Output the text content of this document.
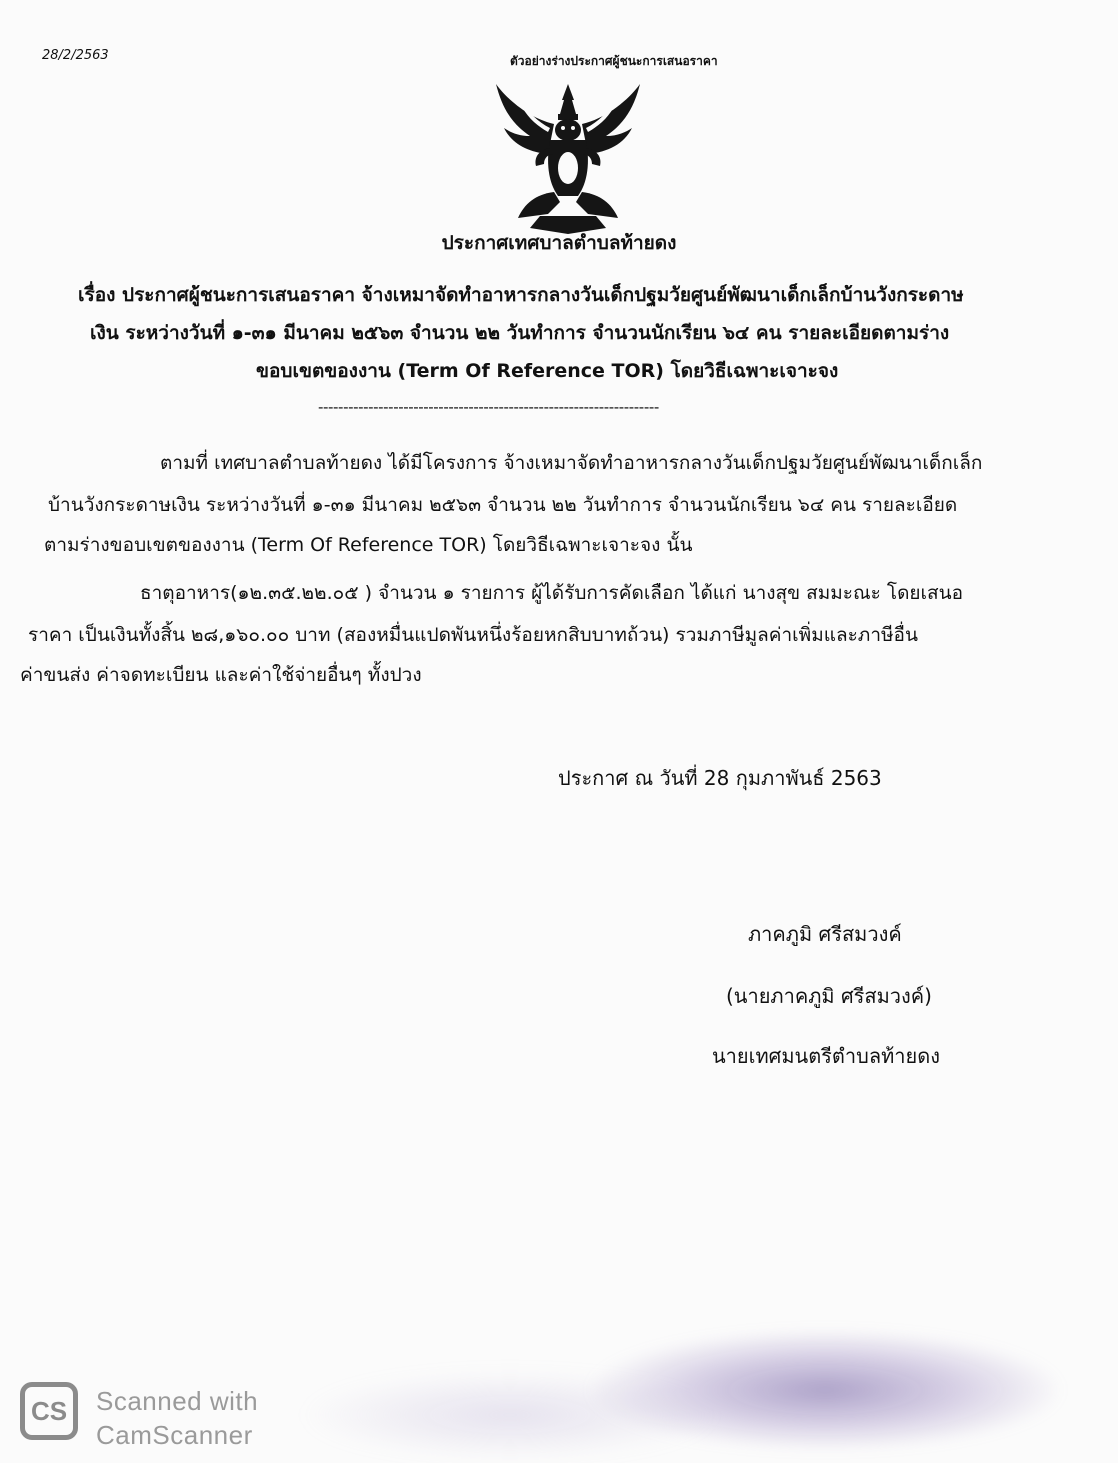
28/2/2563	ตัวอย่างร่างประกาศผู้ชนะการเสนอราคา
ประกาศเทศบาลตำบลท้ายดง
เรื่อง ประกาศผู้ชนะการเสนอราคา จ้างเหมาจัดทำอาหารกลางวันเด็กปฐมวัยศูนย์พัฒนาเด็กเล็กบ้านวังกระดาษ
เงิน ระหว่างวันที่ ๑-๓๑ มีนาคม ๒๕๖๓ จำนวน ๒๒ วันทำการ จำนวนนักเรียน ๖๔ คน รายละเอียดตามร่าง
ขอบเขตของงาน (Term Of Reference TOR) โดยวิธีเฉพาะเจาะจง
--------------------------------------------------------------------
ตามที่ เทศบาลตำบลท้ายดง ได้มีโครงการ จ้างเหมาจัดทำอาหารกลางวันเด็กปฐมวัยศูนย์พัฒนาเด็กเล็ก
บ้านวังกระดาษเงิน ระหว่างวันที่ ๑-๓๑ มีนาคม ๒๕๖๓ จำนวน ๒๒ วันทำการ จำนวนนักเรียน ๖๔ คน รายละเอียด
ตามร่างขอบเขตของงาน (Term Of Reference TOR) โดยวิธีเฉพาะเจาะจง นั้น
ธาตุอาหาร(๑๒.๓๕.๒๒.๐๕ ) จำนวน ๑ รายการ ผู้ได้รับการคัดเลือก ได้แก่ นางสุข สมมะณะ โดยเสนอ
ราคา เป็นเงินทั้งสิ้น ๒๘,๑๖๐.๐๐ บาท (สองหมื่นแปดพันหนึ่งร้อยหกสิบบาทถ้วน) รวมภาษีมูลค่าเพิ่มและภาษีอื่น
ค่าขนส่ง ค่าจดทะเบียน และค่าใช้จ่ายอื่นๆ ทั้งปวง
ประกาศ ณ วันที่ 28 กุมภาพันธ์ 2563
ภาคภูมิ ศรีสมวงค์
(นายภาคภูมิ ศรีสมวงค์)
นายเทศมนตรีตำบลท้ายดง
CS	Scanned with
CamScanner
